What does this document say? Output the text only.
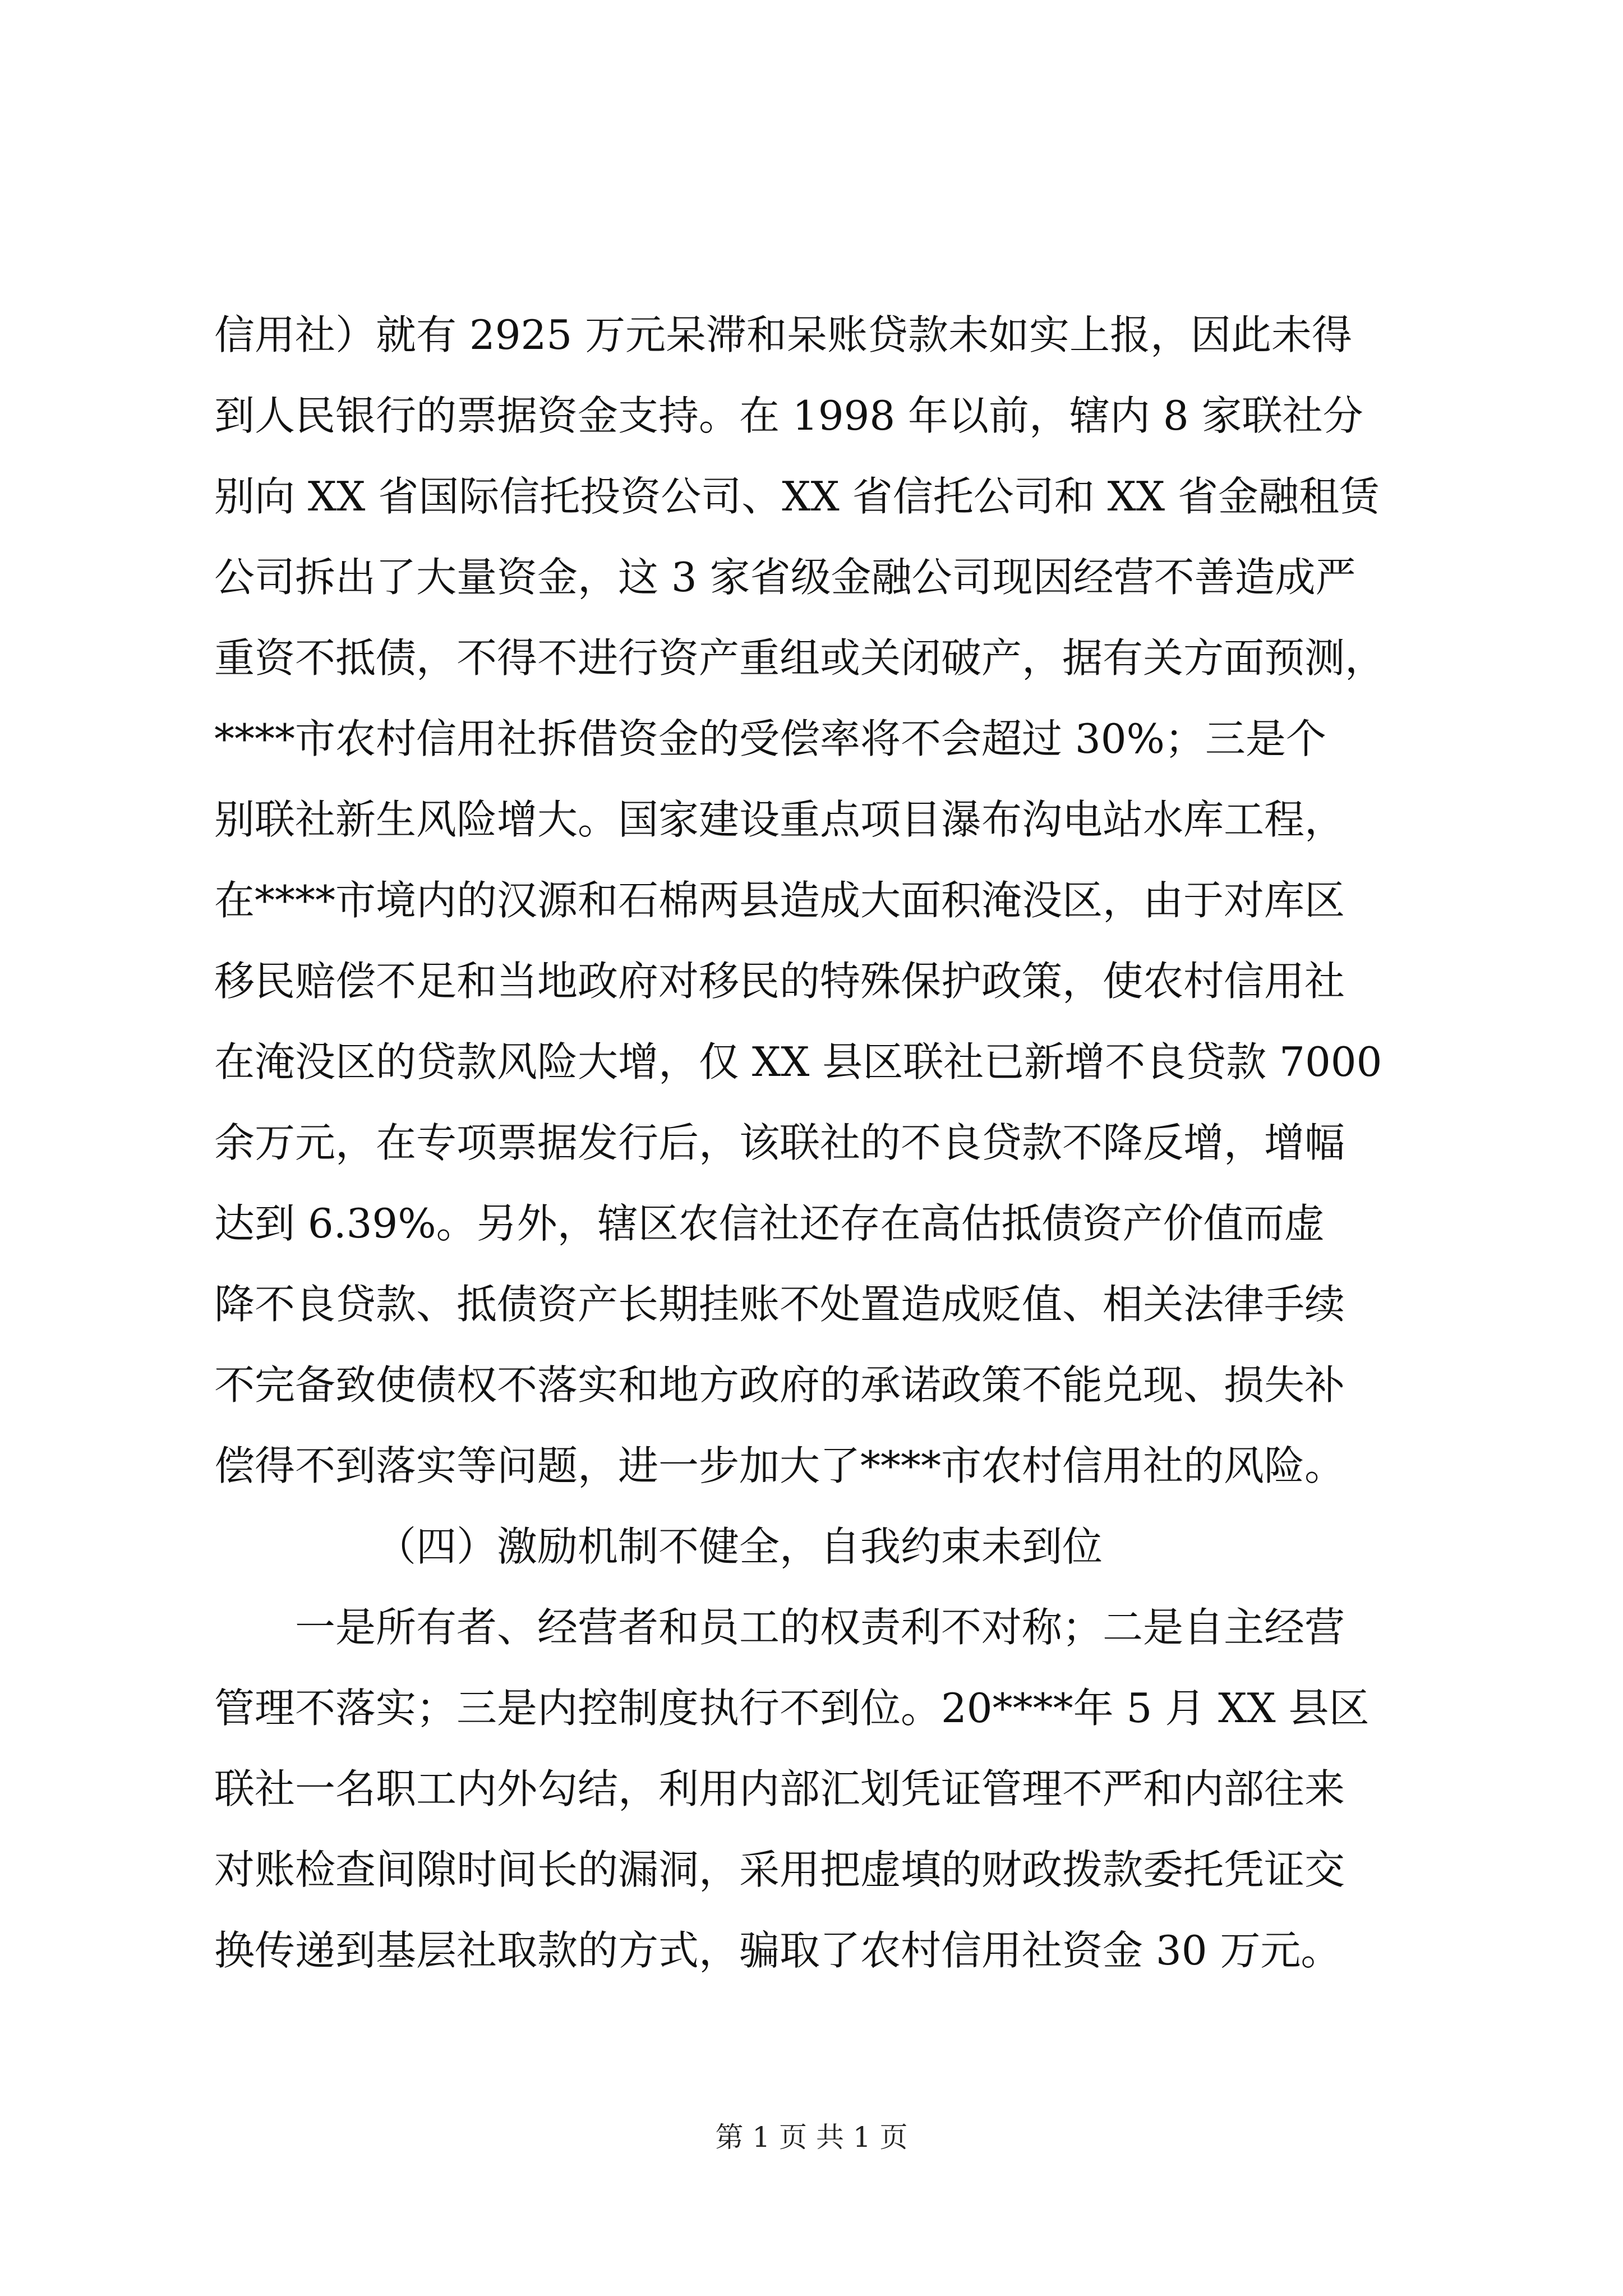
信用社）就有 2925 万元呆滞和呆账贷款未如实上报，因此未得
到人民银行的票据资金支持。在 1998 年以前，辖内 8 家联社分
别向 XX 省国际信托投资公司、XX 省信托公司和 XX 省金融租赁
公司拆出了大量资金，这 3 家省级金融公司现因经营不善造成严
重资不抵债，不得不进行资产重组或关闭破产，据有关方面预测，
****市农村信用社拆借资金的受偿率将不会超过 30%；三是个
别联社新生风险增大。国家建设重点项目瀑布沟电站水库工程，
在****市境内的汉源和石棉两县造成大面积淹没区，由于对库区
移民赔偿不足和当地政府对移民的特殊保护政策，使农村信用社
在淹没区的贷款风险大增，仅 XX 县区联社已新增不良贷款 7000
余万元，在专项票据发行后，该联社的不良贷款不降反增，增幅
达到 6.39%。另外，辖区农信社还存在高估抵债资产价值而虚
降不良贷款、抵债资产长期挂账不处置造成贬值、相关法律手续
不完备致使债权不落实和地方政府的承诺政策不能兑现、损失补
偿得不到落实等问题，进一步加大了****市农村信用社的风险。
（四）激励机制不健全，自我约束未到位
一是所有者、经营者和员工的权责利不对称；二是自主经营
管理不落实；三是内控制度执行不到位。20****年 5 月 XX 县区
联社一名职工内外勾结，利用内部汇划凭证管理不严和内部往来
对账检查间隙时间长的漏洞，采用把虚填的财政拨款委托凭证交
换传递到基层社取款的方式，骗取了农村信用社资金 30 万元。
第 1 页 共 1 页
